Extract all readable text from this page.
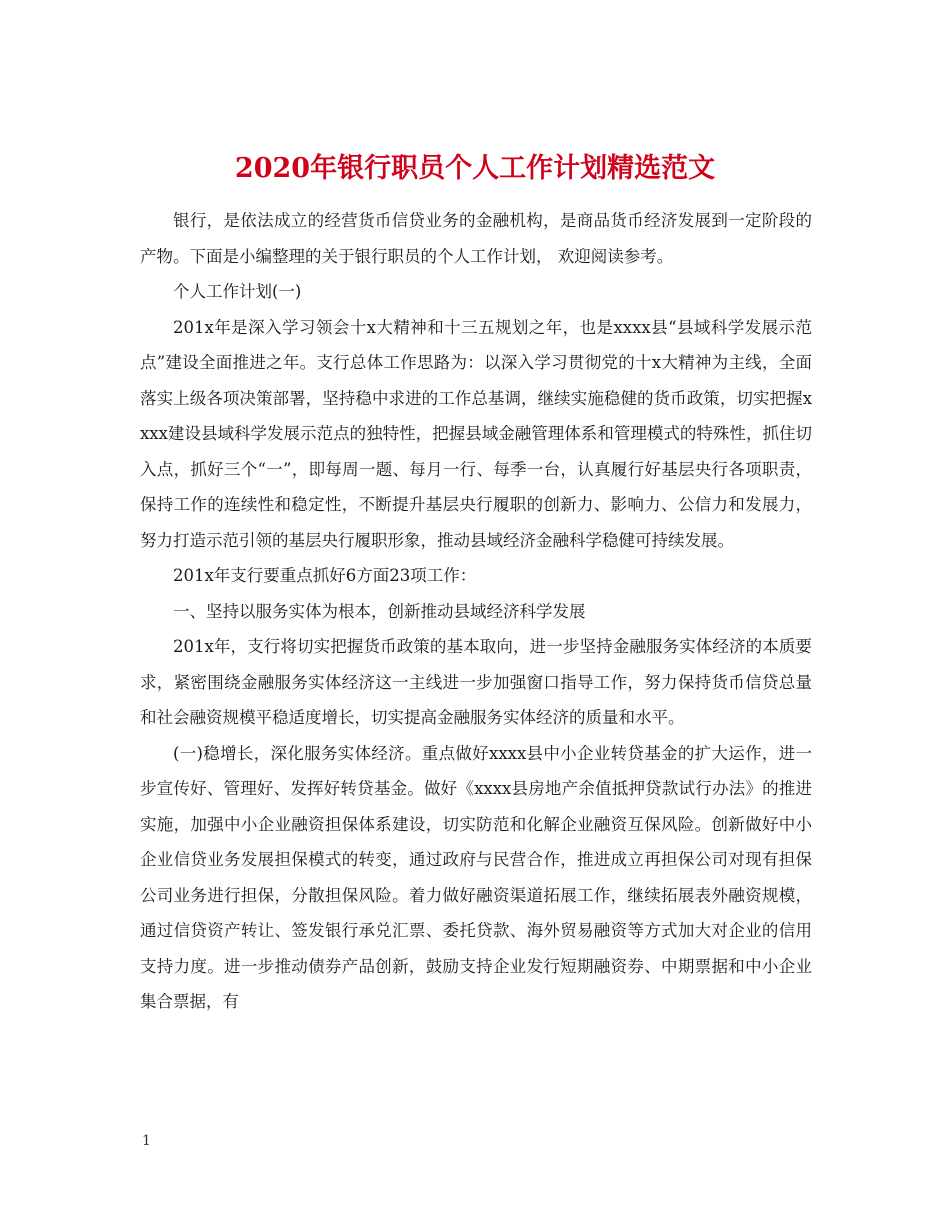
2020年银行职员个人工作计划精选范文

银行，是依法成立的经营货币信贷业务的金融机构，是商品货币经济发展到一定阶段的产物。下面是小编整理的关于银行职员的个人工作计划， 欢迎阅读参考。

个人工作计划(一)

201x年是深入学习领会十x大精神和十三五规划之年，也是xxxx县“县域科学发展示范点”建设全面推进之年。支行总体工作思路为：以深入学习贯彻党的十x大精神为主线，全面落实上级各项决策部署，坚持稳中求进的工作总基调，继续实施稳健的货币政策，切实把握xxxx建设县域科学发展示范点的独特性，把握县域金融管理体系和管理模式的特殊性，抓住切入点，抓好三个“一”，即每周一题、每月一行、每季一台，认真履行好基层央行各项职责，保持工作的连续性和稳定性，不断提升基层央行履职的创新力、影响力、公信力和发展力，努力打造示范引领的基层央行履职形象，推动县域经济金融科学稳健可持续发展。

201x年支行要重点抓好6方面23项工作：

一、坚持以服务实体为根本，创新推动县域经济科学发展

201x年，支行将切实把握货币政策的基本取向，进一步坚持金融服务实体经济的本质要求，紧密围绕金融服务实体经济这一主线进一步加强窗口指导工作，努力保持货币信贷总量和社会融资规模平稳适度增长，切实提高金融服务实体经济的质量和水平。

(一)稳增长，深化服务实体经济。重点做好xxxx县中小企业转贷基金的扩大运作，进一步宣传好、管理好、发挥好转贷基金。做好《xxxx县房地产余值抵押贷款试行办法》的推进实施，加强中小企业融资担保体系建设，切实防范和化解企业融资互保风险。创新做好中小企业信贷业务发展担保模式的转变，通过政府与民营合作，推进成立再担保公司对现有担保公司业务进行担保，分散担保风险。着力做好融资渠道拓展工作，继续拓展表外融资规模，通过信贷资产转让、签发银行承兑汇票、委托贷款、海外贸易融资等方式加大对企业的信用支持力度。进一步推动债券产品创新，鼓励支持企业发行短期融资券、中期票据和中小企业集合票据，有

1
